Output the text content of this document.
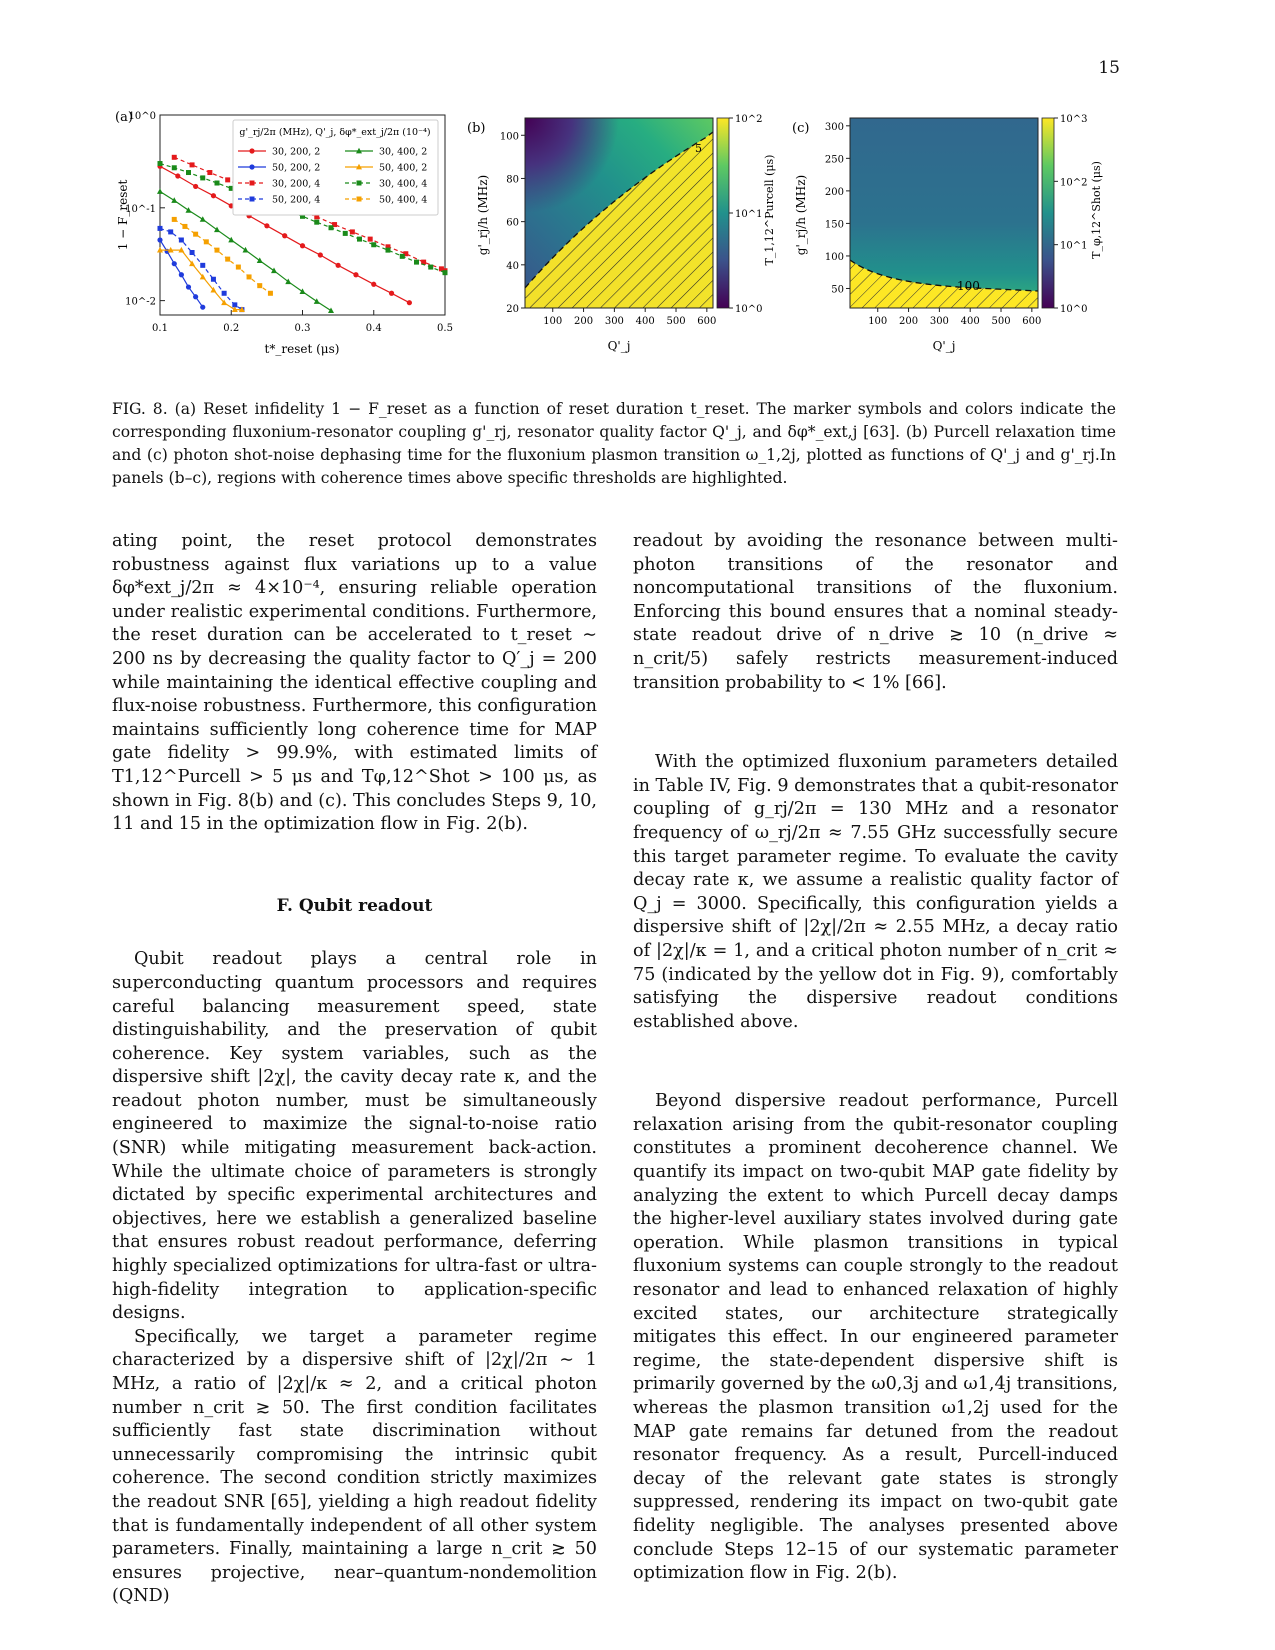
15
(a)
10^0
10^-1
10^-2
0.1	0.2	0.3	0.4	0.5
g'_rj/2π (MHz), Q'_j, δφ*_ext_j/2π (10⁻⁴)
30, 200, 2	30, 400, 2
50, 200, 2	50, 400, 2
30, 200, 4	30, 400, 4
50, 200, 4	50, 400, 4
t*_reset (μs)
1 − F_reset
(b)
5
100 200 300 400 500 600
100
80
60
40
20
Q'_j
g'_rj/h (MHz)
10^2
10^1
10^0
T_1,12^Purcell (μs)
(c)
100
100 200 300 400 500 600
300
250
200
150
100
50
Q'_j
g'_rj/h (MHz)
10^3
10^2
10^1
10^0
T_φ,12^Shot (μs)
FIG. 8. (a) Reset infidelity 1 − F_reset as a function of reset duration t_reset. The marker symbols and colors indicate the corresponding fluxonium-resonator coupling g'_rj, resonator quality factor Q'_j, and δφ*_ext,j [63]. (b) Purcell relaxation time and (c) photon shot-noise dephasing time for the fluxonium plasmon transition ω_1,2j, plotted as functions of Q'_j and g'_rj.In panels (b–c), regions with coherence times above specific thresholds are highlighted.

ating point, the reset protocol demonstrates robustness against flux variations up to a value δφ*ext_j/2π ≈ 4×10⁻⁴, ensuring reliable operation under realistic experimental conditions. Furthermore, the reset duration can be accelerated to t_reset ∼ 200 ns by decreasing the quality factor to Q′_j = 200 while maintaining the identical effective coupling and flux-noise robustness. Furthermore, this configuration maintains sufficiently long coherence time for MAP gate fidelity > 99.9%, with estimated limits of T1,12^Purcell > 5 μs and Tφ,12^Shot > 100 μs, as shown in Fig. 8(b) and (c). This concludes Steps 9, 10, 11 and 15 in the optimization flow in Fig. 2(b).

F. Qubit readout

Qubit readout plays a central role in superconducting quantum processors and requires careful balancing measurement speed, state distinguishability, and the preservation of qubit coherence. Key system variables, such as the dispersive shift |2χ|, the cavity decay rate κ, and the readout photon number, must be simultaneously engineered to maximize the signal-to-noise ratio (SNR) while mitigating measurement back-action. While the ultimate choice of parameters is strongly dictated by specific experimental architectures and objectives, here we establish a generalized baseline that ensures robust readout performance, deferring highly specialized optimizations for ultra-fast or ultra-high-fidelity integration to application-specific designs.

Specifically, we target a parameter regime characterized by a dispersive shift of |2χ|/2π ∼ 1 MHz, a ratio of |2χ|/κ ≈ 2, and a critical photon number n_crit ≳ 50. The first condition facilitates sufficiently fast state discrimination without unnecessarily compromising the intrinsic qubit coherence. The second condition strictly maximizes the readout SNR [65], yielding a high readout fidelity that is fundamentally independent of all other system parameters. Finally, maintaining a large n_crit ≳ 50 ensures projective, near–quantum-nondemolition (QND)

readout by avoiding the resonance between multi-photon transitions of the resonator and noncomputational transitions of the fluxonium. Enforcing this bound ensures that a nominal steady-state readout drive of n_drive ≳ 10 (n_drive ≈ n_crit/5) safely restricts measurement-induced transition probability to < 1% [66].

With the optimized fluxonium parameters detailed in Table IV, Fig. 9 demonstrates that a qubit-resonator coupling of g_rj/2π = 130 MHz and a resonator frequency of ω_rj/2π ≈ 7.55 GHz successfully secure this target parameter regime. To evaluate the cavity decay rate κ, we assume a realistic quality factor of Q_j = 3000. Specifically, this configuration yields a dispersive shift of |2χ|/2π ≈ 2.55 MHz, a decay ratio of |2χ|/κ = 1, and a critical photon number of n_crit ≈ 75 (indicated by the yellow dot in Fig. 9), comfortably satisfying the dispersive readout conditions established above.

Beyond dispersive readout performance, Purcell relaxation arising from the qubit-resonator coupling constitutes a prominent decoherence channel. We quantify its impact on two-qubit MAP gate fidelity by analyzing the extent to which Purcell decay damps the higher-level auxiliary states involved during gate operation. While plasmon transitions in typical fluxonium systems can couple strongly to the readout resonator and lead to enhanced relaxation of highly excited states, our architecture strategically mitigates this effect. In our engineered parameter regime, the state-dependent dispersive shift is primarily governed by the ω0,3j and ω1,4j transitions, whereas the plasmon transition ω1,2j used for the MAP gate remains far detuned from the readout resonator frequency. As a result, Purcell-induced decay of the relevant gate states is strongly suppressed, rendering its impact on two-qubit gate fidelity negligible. The analyses presented above conclude Steps 12–15 of our systematic parameter optimization flow in Fig. 2(b).
